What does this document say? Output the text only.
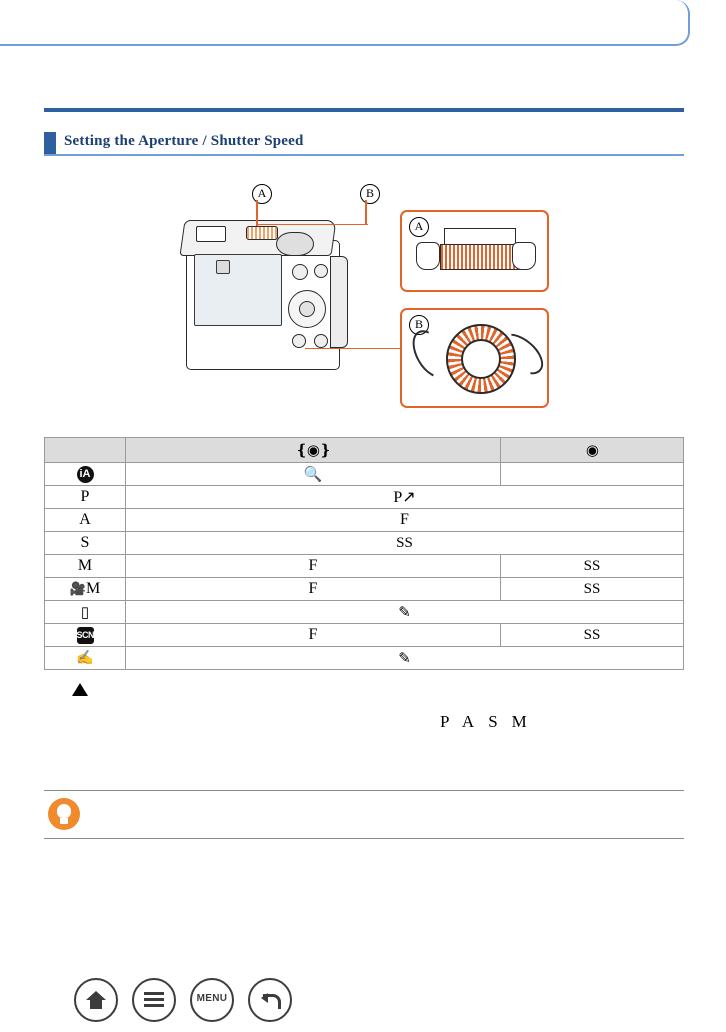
Setting the Aperture / Shutter Speed
A	B
A
B
	❴◉❵	◉
iA	🔍	
P	P↗	
A	F	
S	SS	
M	F	SS
🎥M	F	SS
▯	✎	
SCN	F	SS
✍	✎	
PASM
MENU
